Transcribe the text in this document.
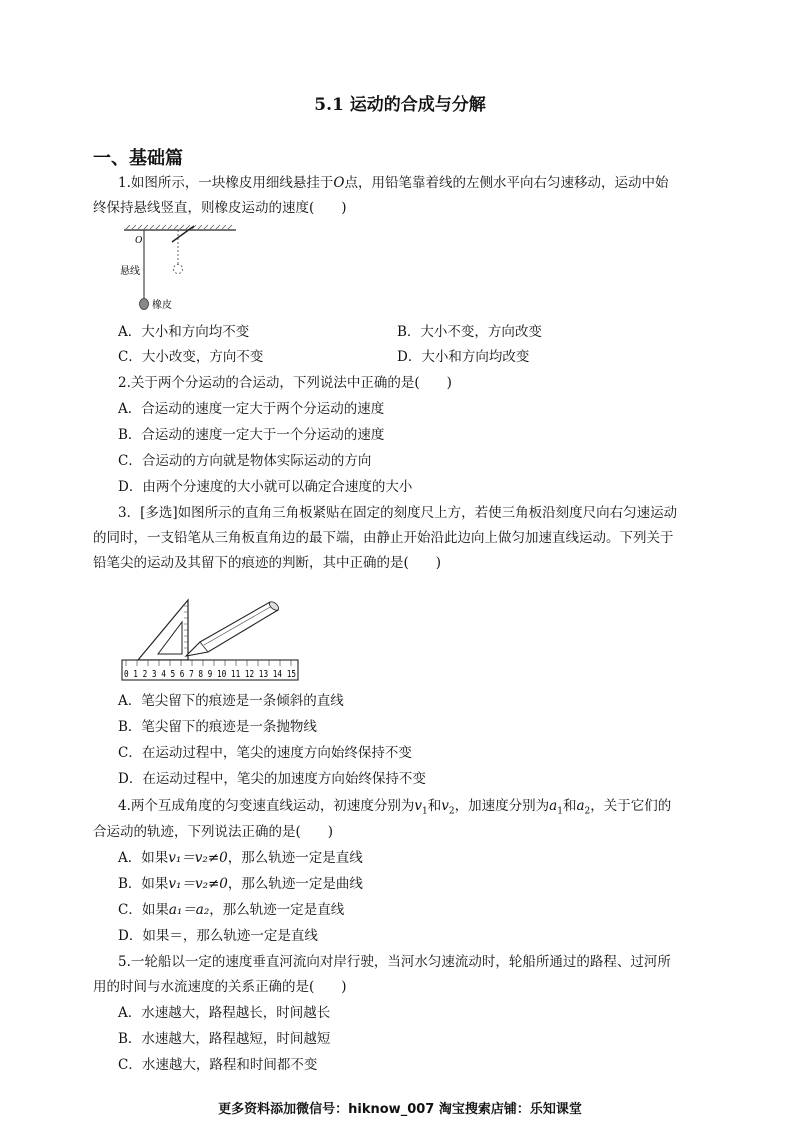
5.1 运动的合成与分解
一、基础篇
1.如图所示，一块橡皮用细线悬挂于O点，用铅笔靠着线的左侧水平向右匀速移动，运动中始
终保持悬线竖直，则橡皮运动的速度(　　)
O
悬线
橡皮
A．大小和方向均不变	B．大小不变，方向改变
C．大小改变，方向不变	D．大小和方向均改变
2.关于两个分运动的合运动，下列说法中正确的是(　　)
A．合运动的速度一定大于两个分运动的速度
B．合运动的速度一定大于一个分运动的速度
C．合运动的方向就是物体实际运动的方向
D．由两个分速度的大小就可以确定合速度的大小
3．[多选]如图所示的直角三角板紧贴在固定的刻度尺上方，若使三角板沿刻度尺向右匀速运动
的同时，一支铅笔从三角板直角边的最下端，由静止开始沿此边向上做匀加速直线运动。下列关于
铅笔尖的运动及其留下的痕迹的判断，其中正确的是(　　)
0 1 2 3 4 5 6 7 8 9 10 11 12 13 14 15
A．笔尖留下的痕迹是一条倾斜的直线
B．笔尖留下的痕迹是一条抛物线
C．在运动过程中，笔尖的速度方向始终保持不变
D．在运动过程中，笔尖的加速度方向始终保持不变
4.两个互成角度的匀变速直线运动，初速度分别为$v_1$和$v_2$，加速度分别为$a_1$和$a_2$，关于它们的
合运动的轨迹，下列说法正确的是(　　)
A．如果v₁＝v₂≠0，那么轨迹一定是直线
B．如果v₁＝v₂≠0，那么轨迹一定是曲线
C．如果a₁＝a₂，那么轨迹一定是直线
D．如果＝，那么轨迹一定是直线
5.一轮船以一定的速度垂直河流向对岸行驶，当河水匀速流动时，轮船所通过的路程、过河所
用的时间与水流速度的关系正确的是(　　)
A．水速越大，路程越长，时间越长
B．水速越大，路程越短，时间越短
C．水速越大，路程和时间都不变
更多资料添加微信号：hiknow_007 淘宝搜索店铺：乐知课堂
